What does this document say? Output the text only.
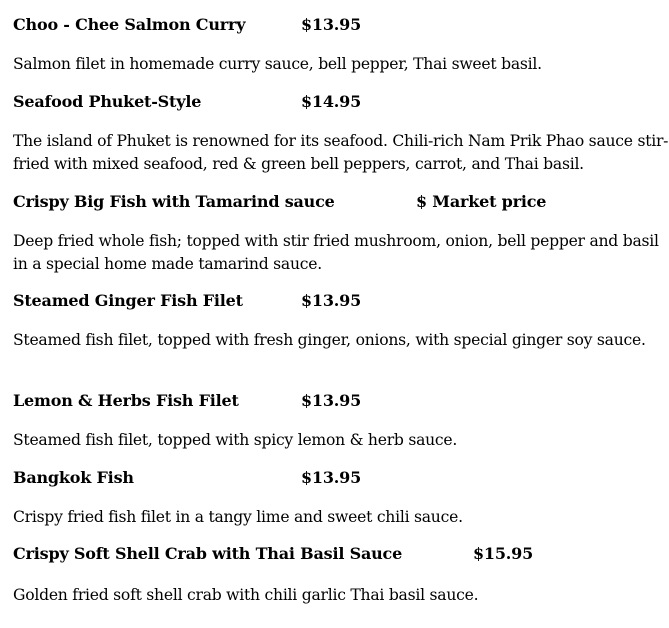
Choo - Chee Salmon Curry	$13.95
Salmon filet in homemade curry sauce, bell pepper, Thai sweet basil.
Seafood Phuket-Style	$14.95
The island of Phuket is renowned for its seafood. Chili-rich Nam Prik Phao sauce stir-fried with mixed seafood, red & green bell peppers, carrot, and Thai basil.
Crispy Big Fish with Tamarind sauce	$ Market price
Deep fried whole fish; topped with stir fried mushroom, onion, bell pepper and basil in a special home made tamarind sauce.
Steamed Ginger Fish Filet	$13.95
Steamed fish filet, topped with fresh ginger, onions, with special ginger soy sauce.
Lemon & Herbs Fish Filet	$13.95
Steamed fish filet, topped with spicy lemon & herb sauce.
Bangkok Fish	$13.95
Crispy fried fish filet in a tangy lime and sweet chili sauce.
Crispy Soft Shell Crab with Thai Basil Sauce	$15.95
Golden fried soft shell crab with chili garlic Thai basil sauce.
